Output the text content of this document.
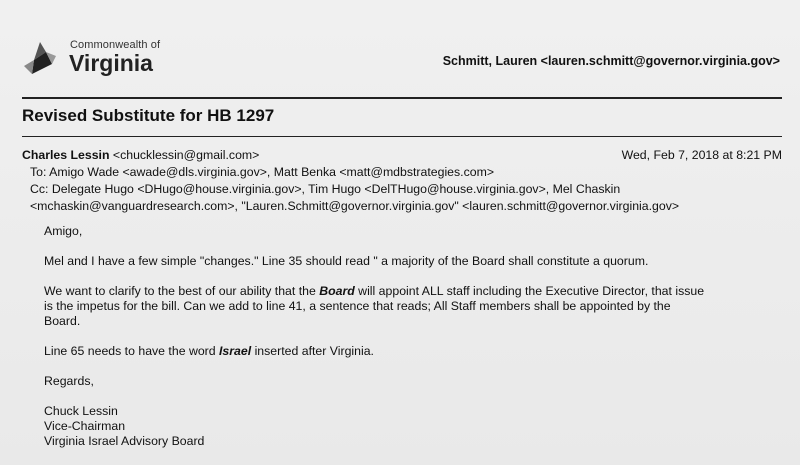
Commonwealth of
Virginia	Schmitt, Lauren <lauren.schmitt@governor.virginia.gov>
Revised Substitute for HB 1297
Charles Lessin <chucklessin@gmail.com>	Wed, Feb 7, 2018 at 8:21 PM
To: Amigo Wade <awade@dls.virginia.gov>, Matt Benka <matt@mdbstrategies.com>
Cc: Delegate Hugo <DHugo@house.virginia.gov>, Tim Hugo <DelTHugo@house.virginia.gov>, Mel Chaskin
<mchaskin@vanguardresearch.com>, "Lauren.Schmitt@governor.virginia.gov" <lauren.schmitt@governor.virginia.gov>

Amigo,

Mel and I have a few simple "changes." Line 35 should read " a majority of the Board shall constitute a quorum.

We want to clarify to the best of our ability that the Board will appoint ALL staff including the Executive Director, that issue
is the impetus for the bill. Can we add to line 41, a sentence that reads; All Staff members shall be appointed by the
Board.

Line 65 needs to have the word Israel inserted after Virginia.

Regards,

Chuck Lessin
Vice-Chairman
Virginia Israel Advisory Board
